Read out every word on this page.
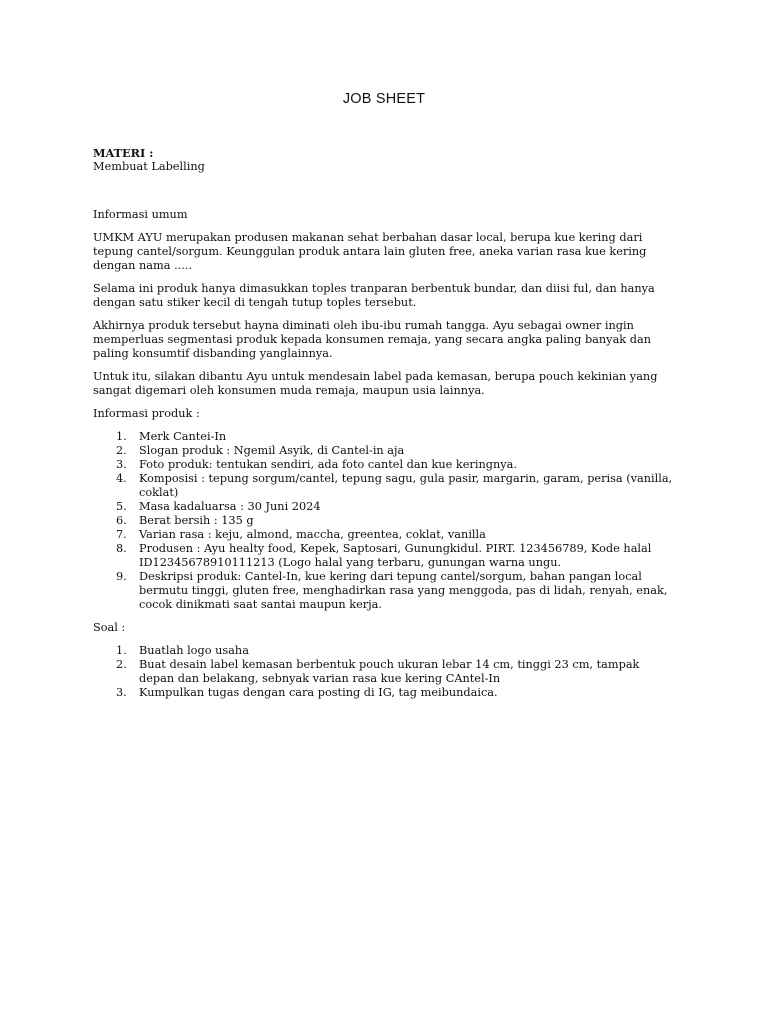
JOB SHEET

MATERI :

Membuat Labelling

Informasi umum

UMKM AYU merupakan produsen makanan sehat berbahan dasar local, berupa kue kering dari tepung cantel/sorgum. Keunggulan produk antara lain gluten free, aneka varian rasa kue kering dengan nama .....

Selama ini produk hanya dimasukkan toples tranparan berbentuk bundar, dan diisi ful, dan hanya dengan satu stiker kecil di tengah tutup toples tersebut.

Akhirnya produk tersebut hayna diminati oleh ibu-ibu rumah tangga. Ayu sebagai owner ingin memperluas segmentasi produk kepada konsumen remaja, yang secara angka paling banyak dan paling konsumtif disbanding yanglainnya.

Untuk itu, silakan dibantu Ayu untuk mendesain label pada kemasan, berupa pouch kekinian yang sangat digemari oleh konsumen muda remaja, maupun usia lainnya.

Informasi produk :

1. Merk Cantei-In
2. Slogan produk : Ngemil Asyik, di Cantel-in aja
3. Foto produk: tentukan sendiri, ada foto cantel dan kue keringnya.
4. Komposisi : tepung sorgum/cantel, tepung sagu, gula pasir, margarin, garam, perisa (vanilla, coklat)
5. Masa kadaluarsa : 30 Juni 2024
6. Berat bersih : 135 g
7. Varian rasa : keju, almond, maccha, greentea, coklat, vanilla
8. Produsen : Ayu healty food, Kepek, Saptosari, Gunungkidul. PIRT. 123456789, Kode halal ID12345678910111213 (Logo halal yang terbaru, gunungan warna ungu.
9. Deskripsi produk: Cantel-In, kue kering dari tepung cantel/sorgum, bahan pangan local bermutu tinggi, gluten free, menghadirkan rasa yang menggoda, pas di lidah, renyah, enak, cocok dinikmati saat santai maupun kerja.

Soal :

1. Buatlah logo usaha
2. Buat desain label kemasan berbentuk pouch ukuran lebar 14 cm, tinggi 23 cm, tampak depan dan belakang, sebnyak varian rasa kue kering CAntel-In
3. Kumpulkan tugas dengan cara posting di IG, tag meibundaica.
